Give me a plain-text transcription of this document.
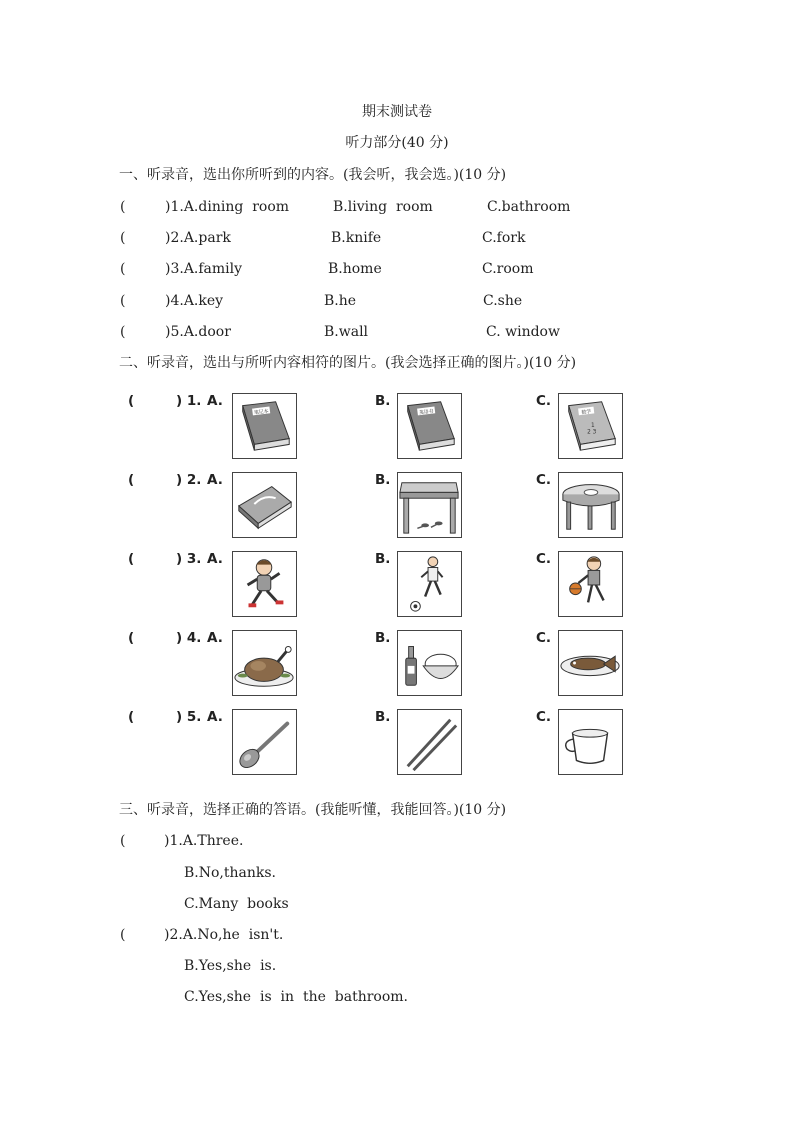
期末测试卷
听力部分(40 分)
一、听录音，选出你所听到的内容。(我会听，我会选。)(10 分)
(	)1.A.dining  room	B.living  room	C.bathroom
(	)2.A.park	B.knife	C.fork
(	)3.A.family	B.home	C.room
(	)4.A.key	B.he	C.she
(	)5.A.door	B.wall	C. window
二、听录音，选出与所听内容相符的图片。(我会选择正确的图片。)(10 分)
(	) 1. A.	B.	C.
(	) 2. A.	B.	C.
(	) 3. A.	B.	C.
(	) 4. A.	B.	C.
(	) 5. A.	B.	C.
笔记本	英语书	数学
1
2 3
三、听录音，选择正确的答语。(我能听懂，我能回答。)(10 分)
(	)1.A.Three.
B.No,thanks.
C.Many  books
(	)2.A.No,he  isn't.
B.Yes,she  is.
C.Yes,she  is  in  the  bathroom.
